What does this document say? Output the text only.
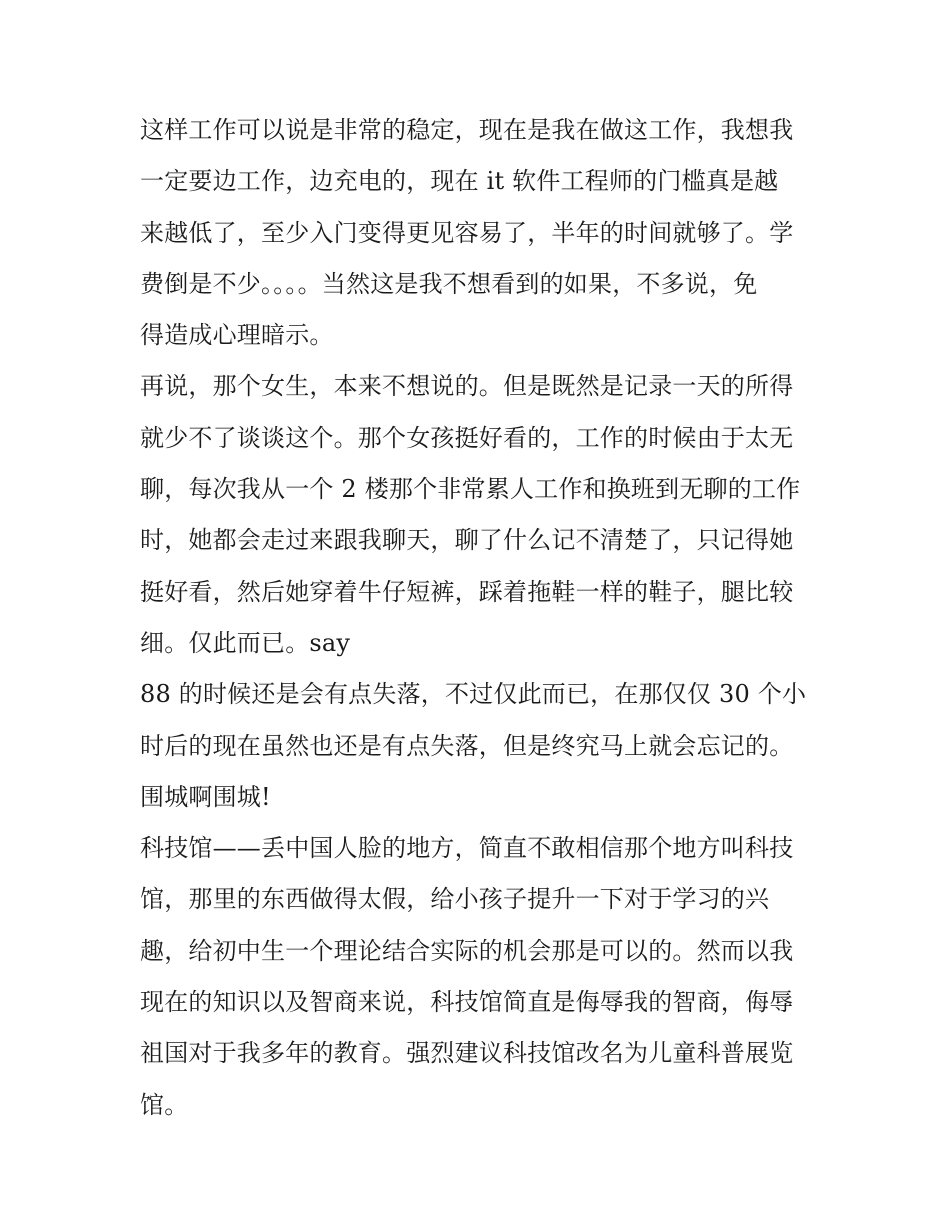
这样工作可以说是非常的稳定，现在是我在做这工作，我想我
一定要边工作，边充电的，现在 it 软件工程师的门槛真是越
来越低了，至少入门变得更见容易了，半年的时间就够了。学
费倒是不少。。。。当然这是我不想看到的如果，不多说，免
得造成心理暗示。
再说，那个女生，本来不想说的。但是既然是记录一天的所得
就少不了谈谈这个。那个女孩挺好看的，工作的时候由于太无
聊，每次我从一个 2 楼那个非常累人工作和换班到无聊的工作
时，她都会走过来跟我聊天，聊了什么记不清楚了，只记得她
挺好看，然后她穿着牛仔短裤，踩着拖鞋一样的鞋子，腿比较
细。仅此而已。say
88 的时候还是会有点失落，不过仅此而已，在那仅仅 30 个小
时后的现在虽然也还是有点失落，但是终究马上就会忘记的。
围城啊围城!
科技馆——丢中国人脸的地方，简直不敢相信那个地方叫科技
馆，那里的东西做得太假，给小孩子提升一下对于学习的兴
趣，给初中生一个理论结合实际的机会那是可以的。然而以我
现在的知识以及智商来说，科技馆简直是侮辱我的智商，侮辱
祖国对于我多年的教育。强烈建议科技馆改名为儿童科普展览
馆。
